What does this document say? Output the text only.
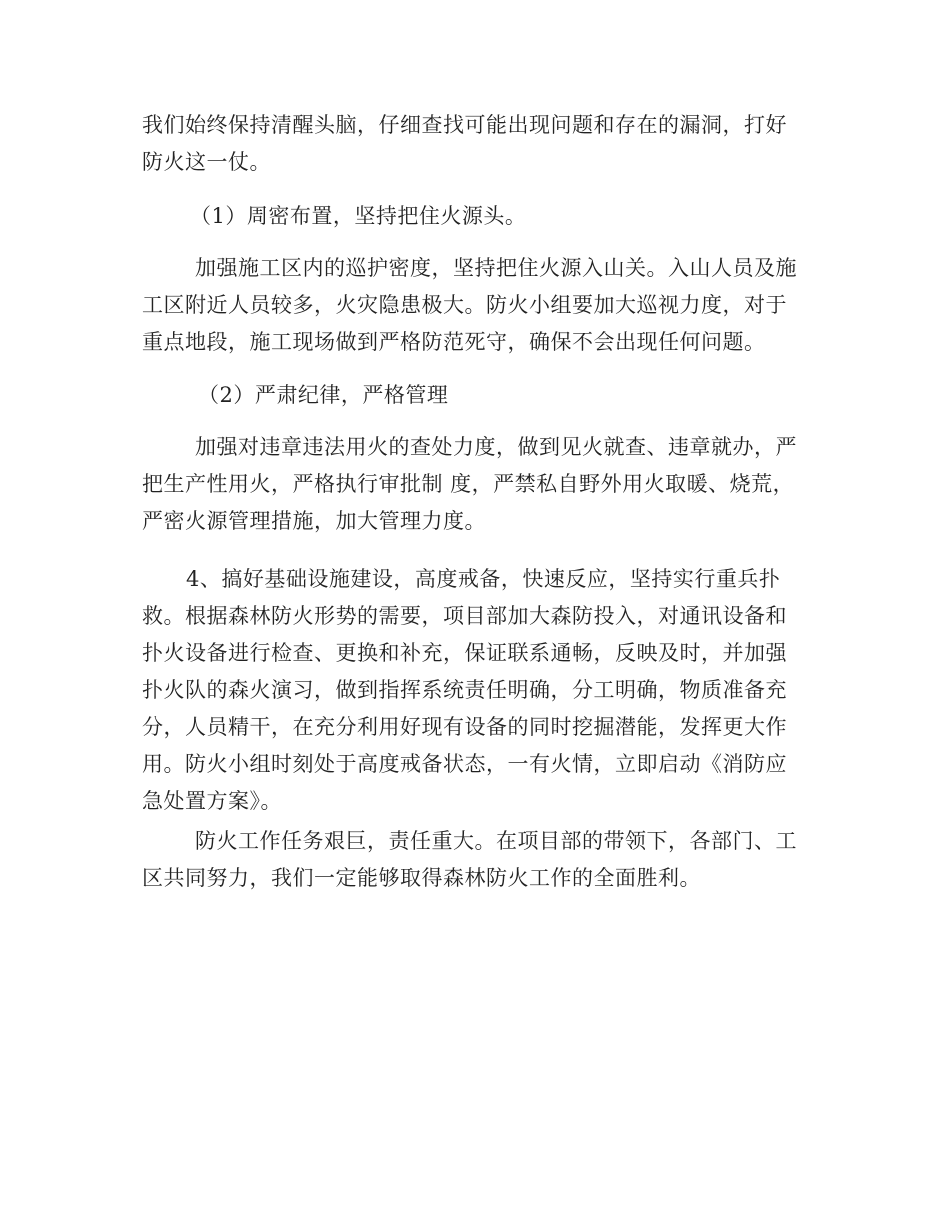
我们始终保持清醒头脑，仔细查找可能出现问题和存在的漏洞，打好
防火这一仗。
（1）周密布置，坚持把住火源头。
加强施工区内的巡护密度，坚持把住火源入山关。入山人员及施
工区附近人员较多，火灾隐患极大。防火小组要加大巡视力度，对于
重点地段，施工现场做到严格防范死守，确保不会出现任何问题。
（2）严肃纪律，严格管理
加强对违章违法用火的查处力度，做到见火就查、违章就办，严
把生产性用火，严格执行审批制 度，严禁私自野外用火取暖、烧荒，
严密火源管理措施，加大管理力度。
4、搞好基础设施建设，高度戒备，快速反应，坚持实行重兵扑
救。根据森林防火形势的需要，项目部加大森防投入，对通讯设备和
扑火设备进行检查、更换和补充，保证联系通畅，反映及时，并加强
扑火队的森火演习，做到指挥系统责任明确，分工明确，物质准备充
分，人员精干，在充分利用好现有设备的同时挖掘潜能，发挥更大作
用。防火小组时刻处于高度戒备状态，一有火情，立即启动《消防应
急处置方案》。
防火工作任务艰巨，责任重大。在项目部的带领下，各部门、工
区共同努力，我们一定能够取得森林防火工作的全面胜利。
